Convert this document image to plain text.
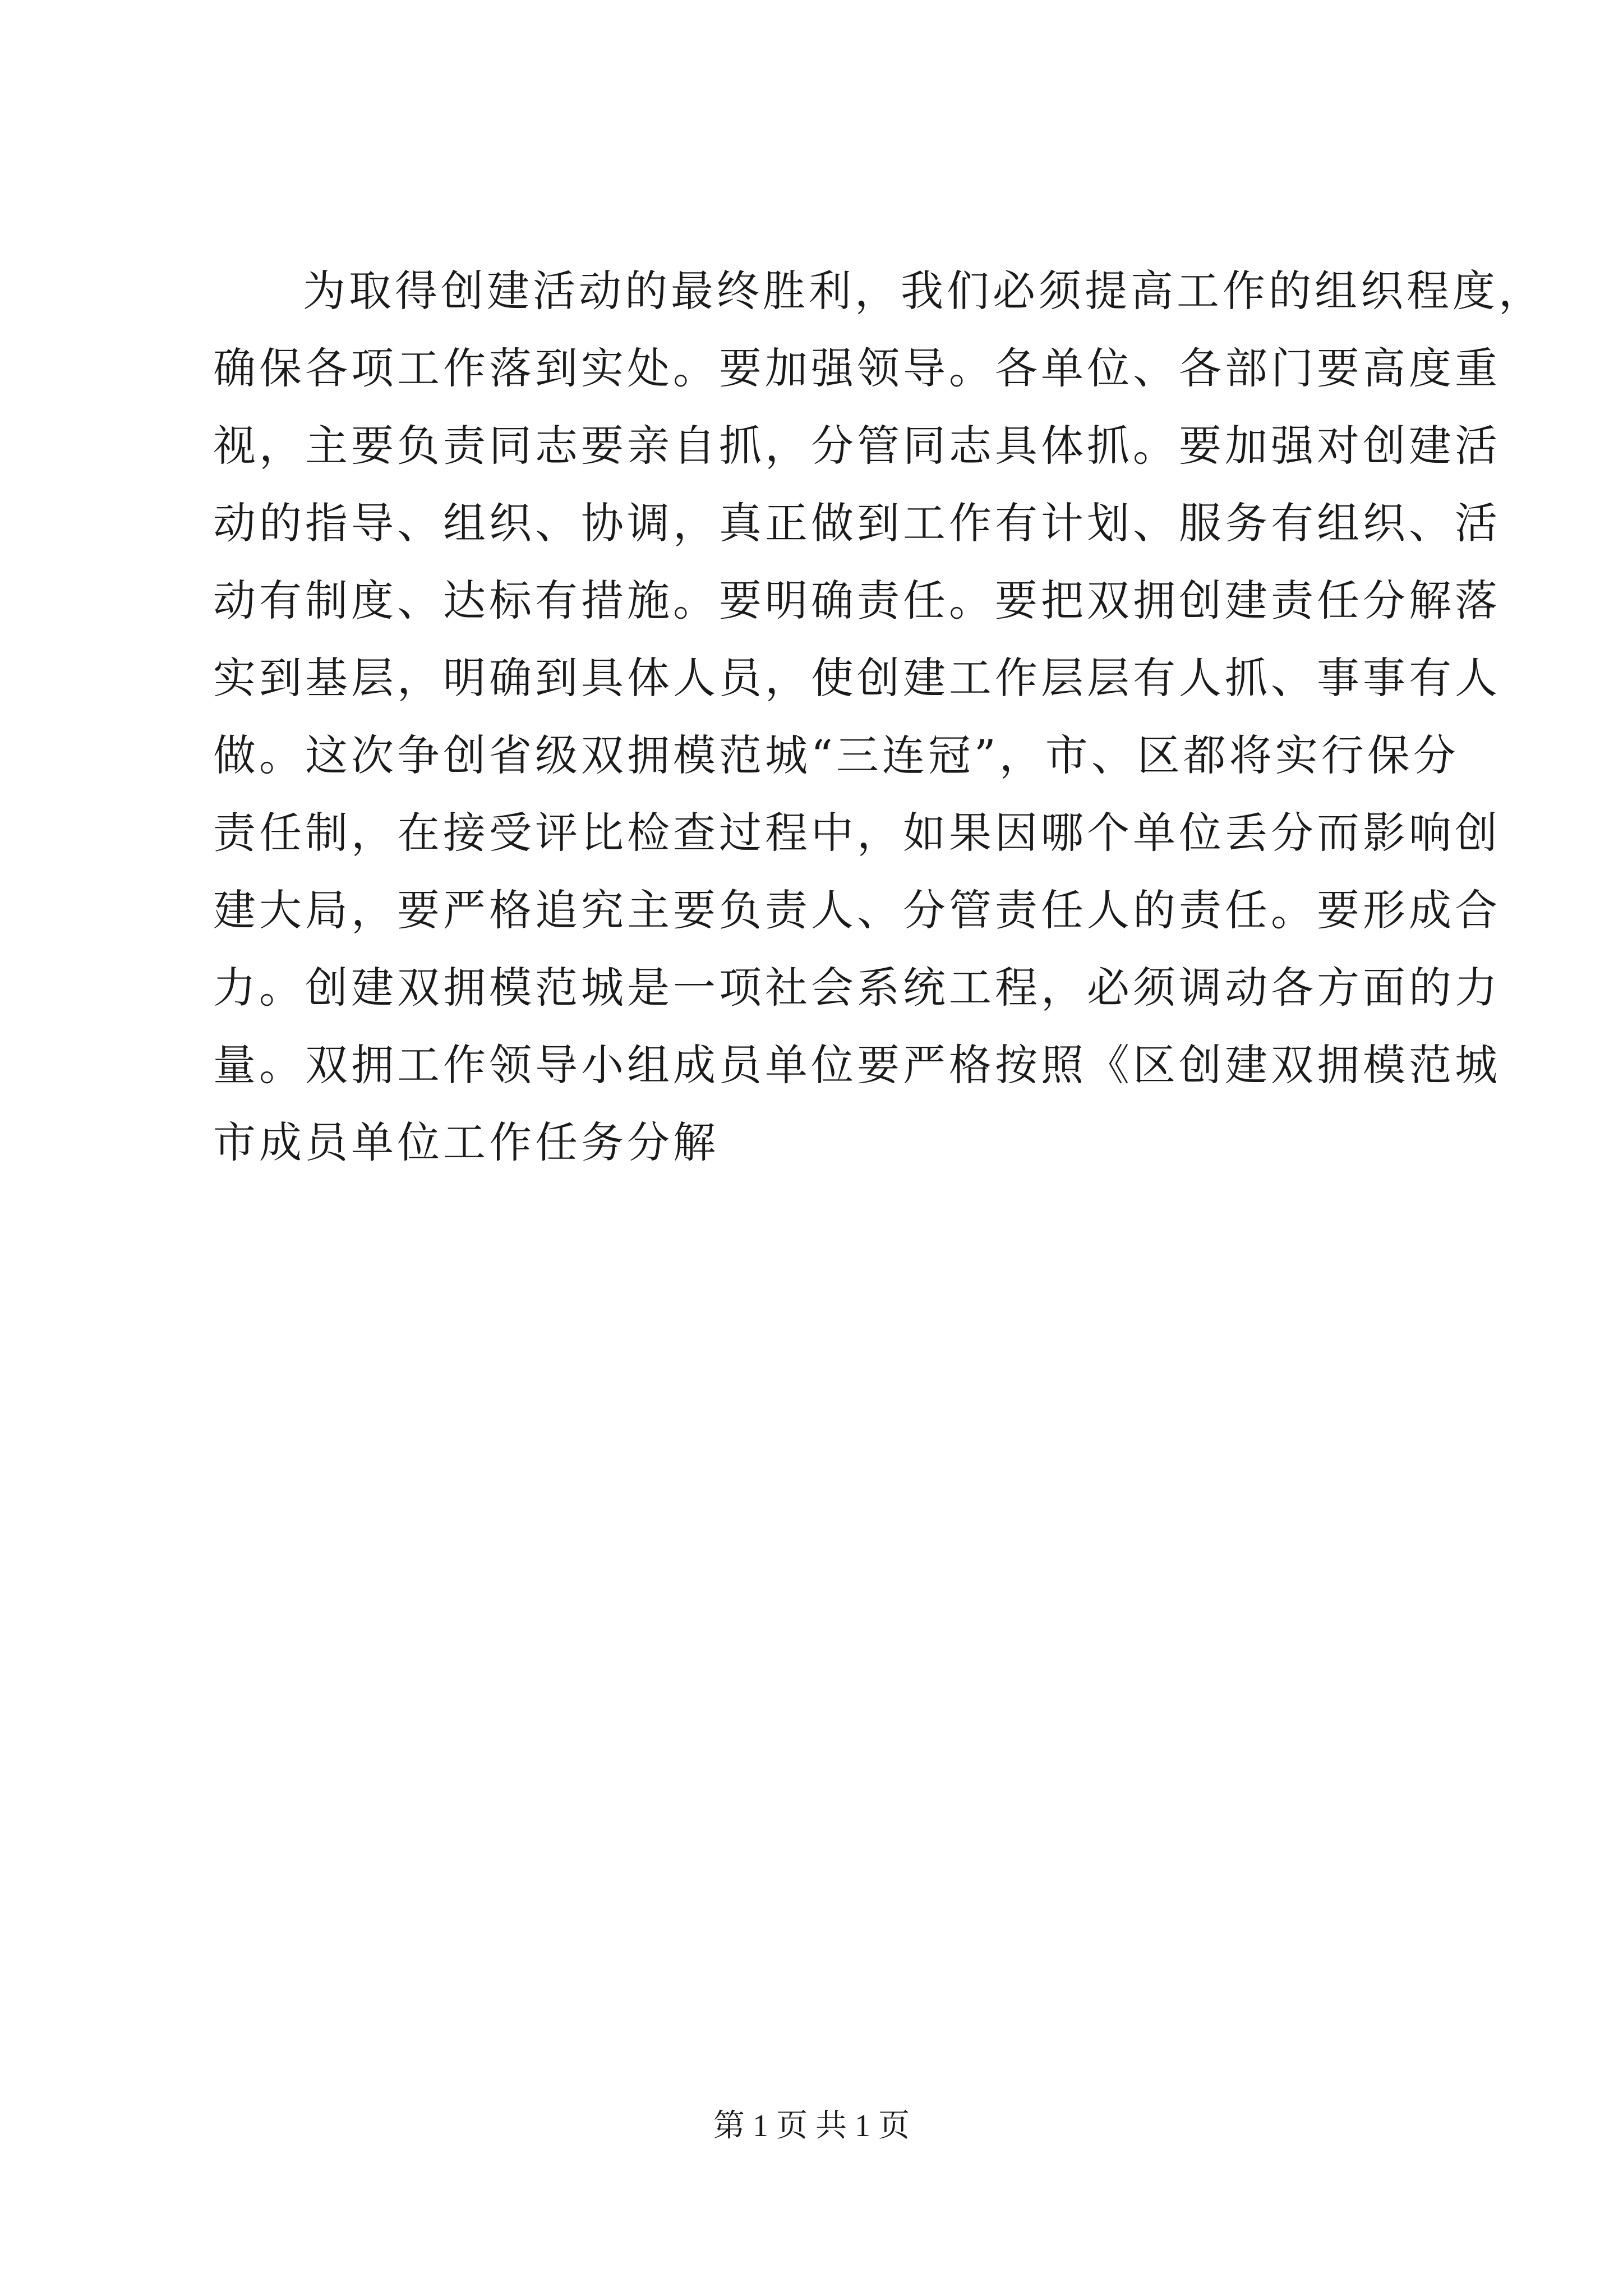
为取得创建活动的最终胜利，我们必须提高工作的组织程度，
确保各项工作落到实处。要加强领导。各单位、各部门要高度重
视，主要负责同志要亲自抓，分管同志具体抓。要加强对创建活
动的指导、组织、协调，真正做到工作有计划、服务有组织、活
动有制度、达标有措施。要明确责任。要把双拥创建责任分解落
实到基层，明确到具体人员，使创建工作层层有人抓、事事有人
做。这次争创省级双拥模范城“三连冠”，市、区都将实行保分
责任制，在接受评比检查过程中，如果因哪个单位丢分而影响创
建大局，要严格追究主要负责人、分管责任人的责任。要形成合
力。创建双拥模范城是一项社会系统工程，必须调动各方面的力
量。双拥工作领导小组成员单位要严格按照《区创建双拥模范城
市成员单位工作任务分解
第 1 页 共 1 页
